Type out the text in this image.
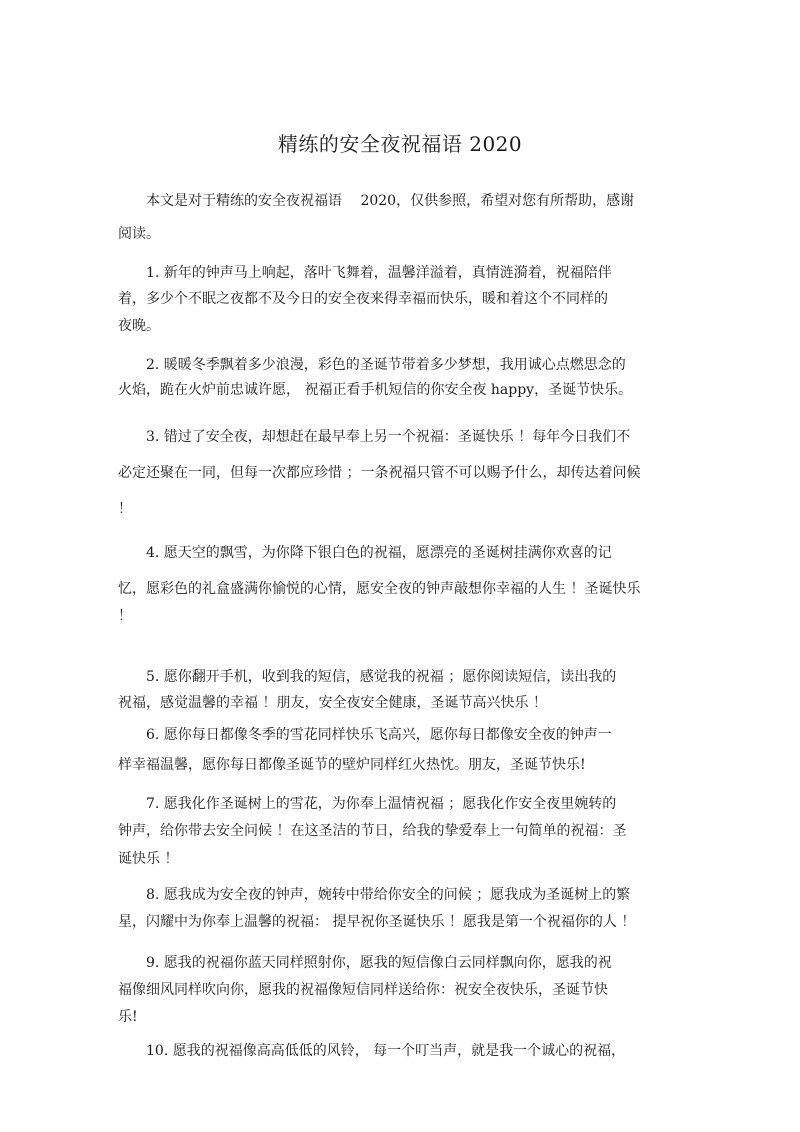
精练的安全夜祝福语 2020
本文是对于精练的安全夜祝福语　 2020，仅供参照，希望对您有所帮助，感谢
阅读。
1. 新年的钟声马上响起，落叶飞舞着，温馨洋溢着，真情涟漪着，祝福陪伴
着，多少个不眠之夜都不及今日的安全夜来得幸福而快乐，暖和着这个不同样的
夜晚。
2. 暖暖冬季飘着多少浪漫，彩色的圣诞节带着多少梦想，我用诚心点燃思念的
火焰，跪在火炉前忠诚许愿， 祝福正看手机短信的你安全夜 happy，圣诞节快乐。
3. 错过了安全夜，却想赶在最早奉上另一个祝福：圣诞快乐 ！每年今日我们不
必定还聚在一同，但每一次都应珍惜 ；一条祝福只管不可以赐予什么，却传达着问候
！
4. 愿天空的飘雪，为你降下银白色的祝福，愿漂亮的圣诞树挂满你欢喜的记
忆，愿彩色的礼盒盛满你愉悦的心情，愿安全夜的钟声敲想你幸福的人生 ！圣诞快乐
！
5. 愿你翻开手机，收到我的短信，感觉我的祝福 ；愿你阅读短信，读出我的
祝福，感觉温馨的幸福 ！朋友，安全夜安全健康，圣诞节高兴快乐 ！
6. 愿你每日都像冬季的雪花同样快乐飞高兴，愿你每日都像安全夜的钟声一
样幸福温馨，愿你每日都像圣诞节的壁炉同样红火热忱。朋友，圣诞节快乐!
7. 愿我化作圣诞树上的雪花，为你奉上温情祝福 ；愿我化作安全夜里婉转的
钟声，给你带去安全问候 ！在这圣洁的节日，给我的挚爱奉上一句简单的祝福：圣
诞快乐 ！
8. 愿我成为安全夜的钟声，婉转中带给你安全的问候 ；愿我成为圣诞树上的繁
星，闪耀中为你奉上温馨的祝福： 提早祝你圣诞快乐 ！愿我是第一个祝福你的人 ！
9. 愿我的祝福你蓝天同样照射你，愿我的短信像白云同样飘向你，愿我的祝
福像细风同样吹向你，愿我的祝福像短信同样送给你：祝安全夜快乐，圣诞节快
乐!
10. 愿我的祝福像高高低低的风铃， 每一个叮当声，就是我一个诚心的祝福，
